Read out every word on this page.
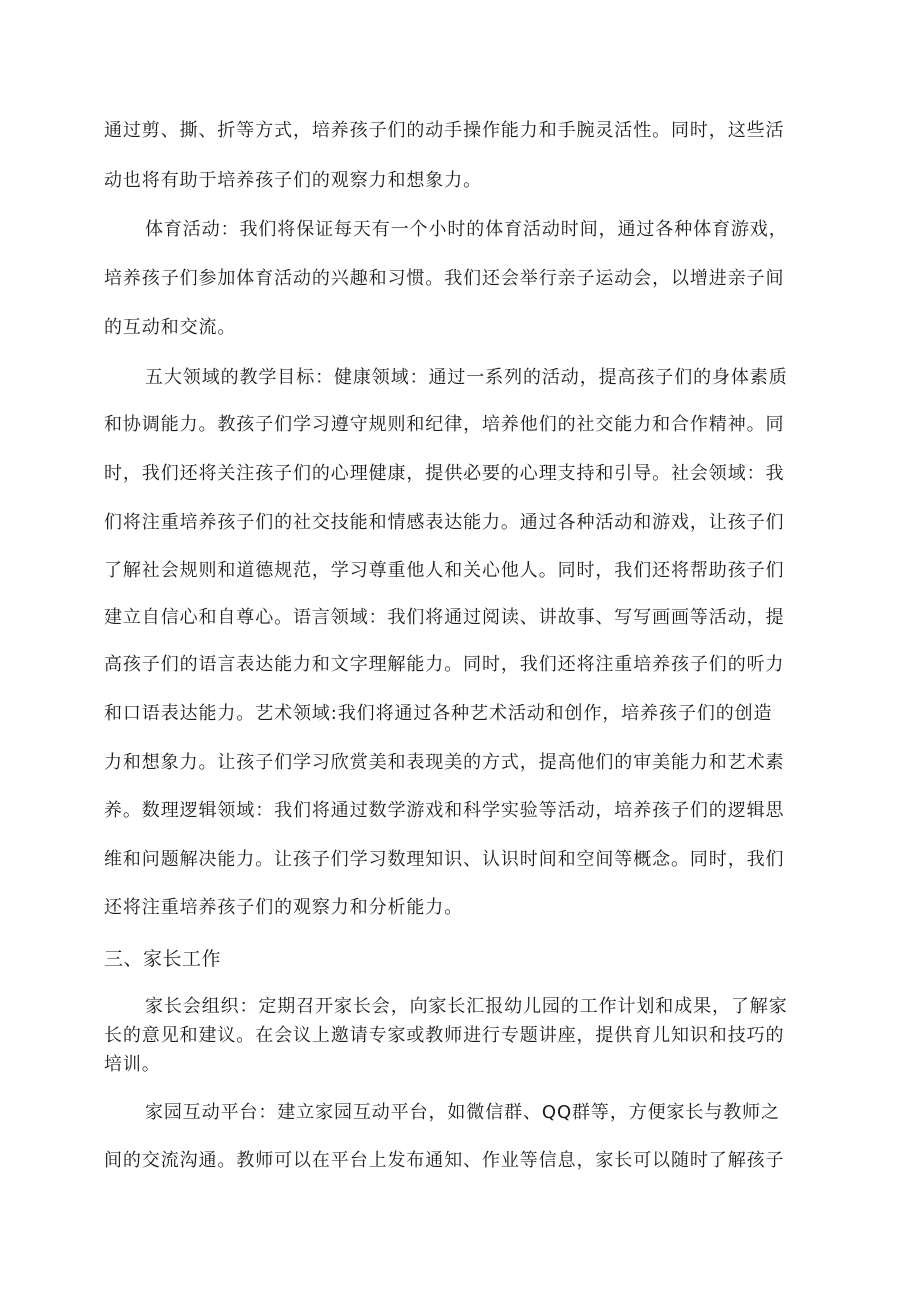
通过剪、撕、折等方式，培养孩子们的动手操作能力和手腕灵活性。同时，这些活
动也将有助于培养孩子们的观察力和想象力。
体育活动：我们将保证每天有一个小时的体育活动时间，通过各种体育游戏，
培养孩子们参加体育活动的兴趣和习惯。我们还会举行亲子运动会，以增进亲子间
的互动和交流。
五大领域的教学目标：健康领域：通过一系列的活动，提高孩子们的身体素质
和协调能力。教孩子们学习遵守规则和纪律，培养他们的社交能力和合作精神。同
时，我们还将关注孩子们的心理健康，提供必要的心理支持和引导。社会领域：我
们将注重培养孩子们的社交技能和情感表达能力。通过各种活动和游戏，让孩子们
了解社会规则和道德规范，学习尊重他人和关心他人。同时，我们还将帮助孩子们
建立自信心和自尊心。语言领域：我们将通过阅读、讲故事、写写画画等活动，提
高孩子们的语言表达能力和文字理解能力。同时，我们还将注重培养孩子们的听力
和口语表达能力。艺术领域:我们将通过各种艺术活动和创作，培养孩子们的创造
力和想象力。让孩子们学习欣赏美和表现美的方式，提高他们的审美能力和艺术素
养。数理逻辑领域：我们将通过数学游戏和科学实验等活动，培养孩子们的逻辑思
维和问题解决能力。让孩子们学习数理知识、认识时间和空间等概念。同时，我们
还将注重培养孩子们的观察力和分析能力。
三、家长工作
家长会组织：定期召开家长会，向家长汇报幼儿园的工作计划和成果，了解家
长的意见和建议。在会议上邀请专家或教师进行专题讲座，提供育儿知识和技巧的
培训。
家园互动平台：建立家园互动平台，如微信群、QQ群等，方便家长与教师之
间的交流沟通。教师可以在平台上发布通知、作业等信息，家长可以随时了解孩子
